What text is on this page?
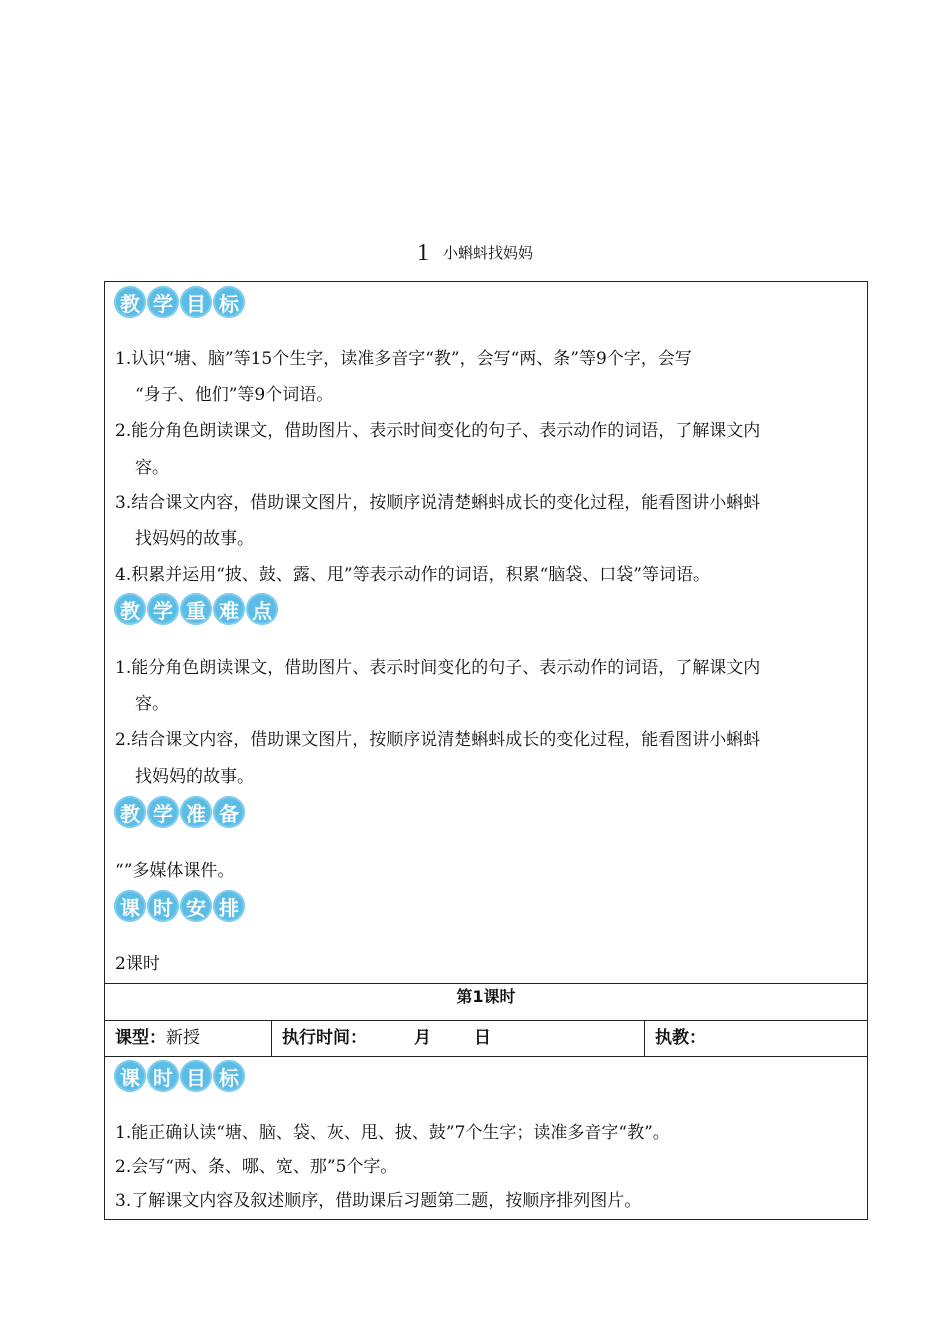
1 小蝌蚪找妈妈
教 学 目 标
1.认识“塘、脑”等15个生字，读准多音字“教”，会写“两、条”等9个字，会写
“身子、他们”等9个词语。
2.能分角色朗读课文，借助图片、表示时间变化的句子、表示动作的词语，了解课文内
容。
3.结合课文内容，借助课文图片，按顺序说清楚蝌蚪成长的变化过程，能看图讲小蝌蚪
找妈妈的故事。
4.积累并运用“披、鼓、露、甩”等表示动作的词语，积累“脑袋、口袋”等词语。
教 学 重 难 点
1.能分角色朗读课文，借助图片、表示时间变化的句子、表示动作的词语，了解课文内
容。
2.结合课文内容，借助课文图片，按顺序说清楚蝌蚪成长的变化过程，能看图讲小蝌蚪
找妈妈的故事。
教 学 准 备
“”多媒体课件。
课 时 安 排
2课时
第1课时
课型：新授	执行时间：	月	日	执教：
课 时 目 标
1.能正确认读“塘、脑、袋、灰、甩、披、鼓”7个生字；读准多音字“教”。
2.会写“两、条、哪、宽、那”5个字。
3.了解课文内容及叙述顺序，借助课后习题第二题，按顺序排列图片。
